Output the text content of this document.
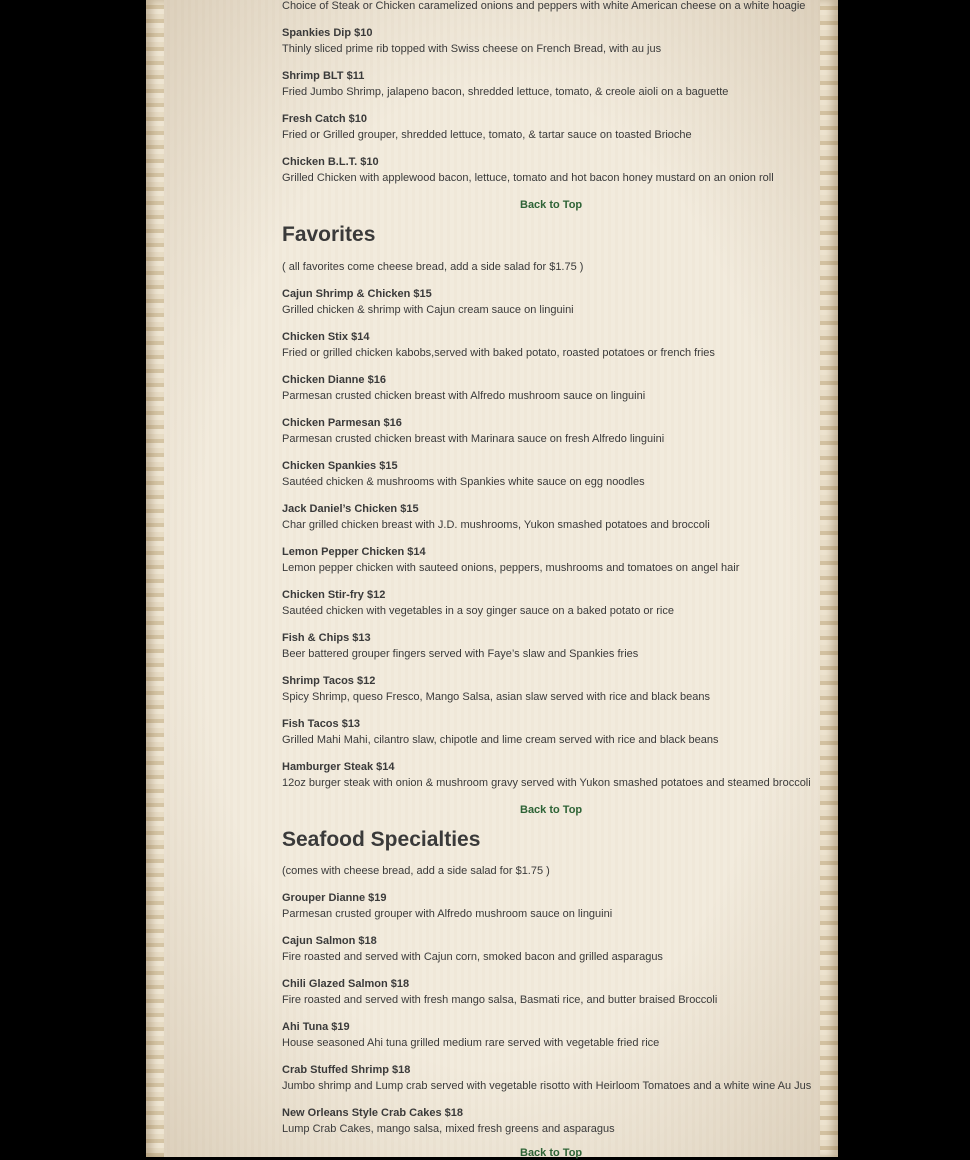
Choice of Steak or Chicken caramelized onions and peppers with white American cheese on a white hoagie
Spankies Dip $10
Thinly sliced prime rib topped with Swiss cheese on French Bread, with au jus
Shrimp BLT $11
Fried Jumbo Shrimp, jalapeno bacon, shredded lettuce, tomato, & creole aioli on a baguette
Fresh Catch $10
Fried or Grilled grouper, shredded lettuce, tomato, & tartar sauce on toasted Brioche
Chicken B.L.T. $10
Grilled Chicken with applewood bacon, lettuce, tomato and hot bacon honey mustard on an onion roll
Back to Top
Favorites
( all favorites come cheese bread, add a side salad for $1.75 )
Cajun Shrimp & Chicken $15
Grilled chicken & shrimp with Cajun cream sauce on linguini
Chicken Stix $14
Fried or grilled chicken kabobs,served with baked potato, roasted potatoes or french fries
Chicken Dianne $16
Parmesan crusted chicken breast with Alfredo mushroom sauce on linguini
Chicken Parmesan $16
Parmesan crusted chicken breast with Marinara sauce on fresh Alfredo linguini
Chicken Spankies $15
Sautéed chicken & mushrooms with Spankies white sauce on egg noodles
Jack Daniel’s Chicken $15
Char grilled chicken breast with J.D. mushrooms, Yukon smashed potatoes and broccoli
Lemon Pepper Chicken $14
Lemon pepper chicken with sauteed onions, peppers, mushrooms and tomatoes on angel hair
Chicken Stir-fry $12
Sautéed chicken with vegetables in a soy ginger sauce on a baked potato or rice
Fish & Chips $13
Beer battered grouper fingers served with Faye’s slaw and Spankies fries
Shrimp Tacos $12
Spicy Shrimp, queso Fresco, Mango Salsa, asian slaw served with rice and black beans
Fish Tacos $13
Grilled Mahi Mahi, cilantro slaw, chipotle and lime cream served with rice and black beans
Hamburger Steak $14
12oz burger steak with onion & mushroom gravy served with Yukon smashed potatoes and steamed broccoli
Back to Top
Seafood Specialties
(comes with cheese bread, add a side salad for $1.75 )
Grouper Dianne $19
Parmesan crusted grouper with Alfredo mushroom sauce on linguini
Cajun Salmon $18
Fire roasted and served with Cajun corn, smoked bacon and grilled asparagus
Chili Glazed Salmon $18
Fire roasted and served with fresh mango salsa, Basmati rice, and butter braised Broccoli
Ahi Tuna $19
House seasoned Ahi tuna grilled medium rare served with vegetable fried rice
Crab Stuffed Shrimp $18
Jumbo shrimp and Lump crab served with vegetable risotto with Heirloom Tomatoes and a white wine Au Jus
New Orleans Style Crab Cakes $18
Lump Crab Cakes, mango salsa, mixed fresh greens and asparagus
Back to Top
